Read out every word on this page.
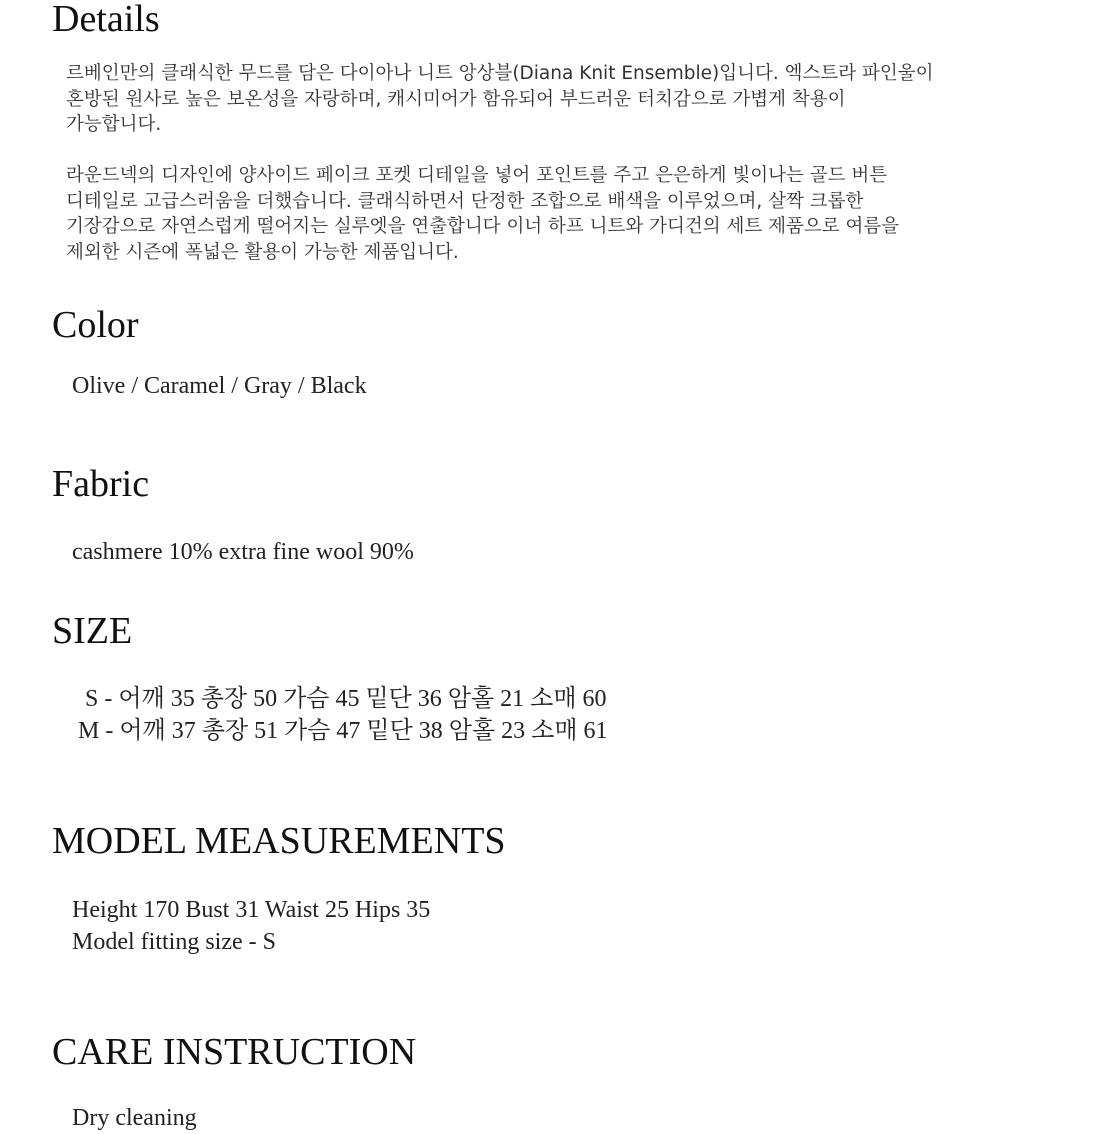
Details
르베인만의 클래식한 무드를 담은 다이아나 니트 앙상블(Diana Knit Ensemble)입니다. 엑스트라 파인울이
혼방된 원사로 높은 보온성을 자랑하며, 캐시미어가 함유되어 부드러운 터치감으로 가볍게 착용이
가능합니다.
라운드넥의 디자인에 양사이드 페이크 포켓 디테일을 넣어 포인트를 주고 은은하게 빛이나는 골드 버튼
디테일로 고급스러움을 더했습니다. 클래식하면서 단정한 조합으로 배색을 이루었으며, 살짝 크롭한
기장감으로 자연스럽게 떨어지는 실루엣을 연출합니다 이너 하프 니트와 가디건의 세트 제품으로 여름을
제외한 시즌에 폭넓은 활용이 가능한 제품입니다.
Color

Olive / Caramel / Gray / Black

Fabric

cashmere 10% extra fine wool 90%

SIZE
S - 어깨 35 총장 50 가슴 45 밑단 36 암홀 21 소매 60
M - 어깨 37 총장 51 가슴 47 밑단 38 암홀 23 소매 61
MODEL MEASUREMENTS
Height 170 Bust 31 Waist 25 Hips 35
Model fitting size - S
CARE INSTRUCTION

Dry cleaning
